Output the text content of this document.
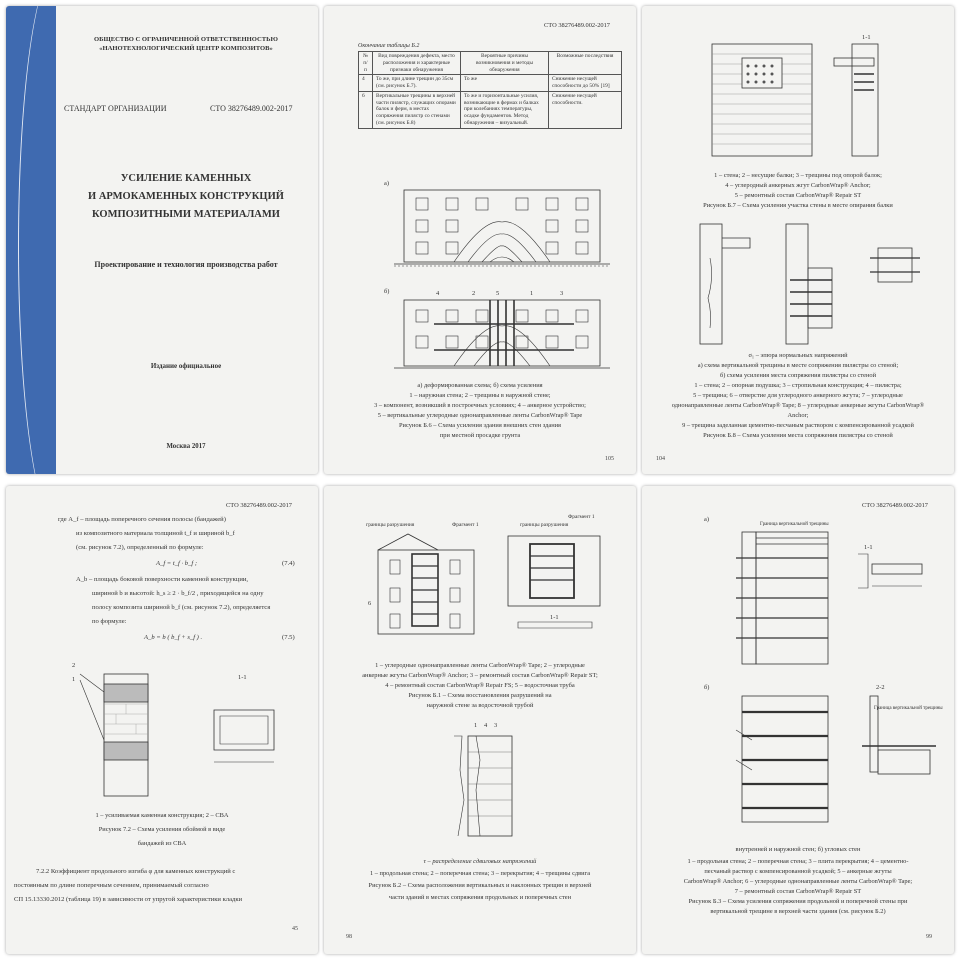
ОБЩЕСТВО С ОГРАНИЧЕННОЙ ОТВЕТСТВЕННОСТЬЮ
«НАНОТЕХНОЛОГИЧЕСКИЙ ЦЕНТР КОМПОЗИТОВ»
СТАНДАРТ ОРГАНИЗАЦИИ	СТО 38276489.002-2017
УСИЛЕНИЕ КАМЕННЫХ
И АРМОКАМЕННЫХ КОНСТРУКЦИЙ
КОМПОЗИТНЫМИ МАТЕРИАЛАМИ
Проектирование и технология производства работ
Издание официальное
Москва 2017
СТО 38276489.002-2017
Окончание таблицы Б.2
№ п/п	Вид повреждения дефекта, место расположения и характерные признаки обнаружения	Вероятные причины возникновения и методы обнаружения	Возможные последствия
4	То же, при длине трещин до 35см (см. рисунок Б.7).	То же	Снижение несущей способности до 50% [19]
6	Вертикальные трещины в верхней части пилястр, служащих опорами балок и ферм, в местах сопряжения пилястр со стенами (см. рисунок Б.8)	То же и горизонтальные усилия, возникающие в фермах и балках при колебаниях температуры, осадке фундаментов. Метод обнаружения – визуальный.	Снижение несущей способности.
а)
б)	4	2	5	1	3
а) деформированная схема; б) схема усиления
1 – наружная стена; 2 – трещины в наружной стене;
3 – компонент, возникший в построечных условиях; 4 – анкерное устройство;
5 – вертикальные углеродные однонаправленные ленты CarbonWrap® Tape
Рисунок Б.6 – Схема усиления здания внешних стен здания
при местной просадке грунта
105
1-1
1 – стена; 2 – несущие балки; 3 – трещины под опорой балок;
4 – углеродный анкерных жгут CarbonWrap® Anchor;
5 – ремонтный состав CarbonWrap® Repair ST
Рисунок Б.7 – Схема усиления участка стены в месте опирания балки
σ₁ – эпюра нормальных напряжений
а) схема вертикальной трещины в месте сопряжения пилястры со стеной;
б) схема усиления места сопряжения пилястры со стеной
1 – стена; 2 – опорная подушка; 3 – стропильная конструкция; 4 – пилястра;
5 – трещина; 6 – отверстие для углеродного анкерного жгута; 7 – углеродные
однонаправленные ленты CarbonWrap® Tape; 8 – углеродные анкерные жгуты CarbonWrap®
Anchor;
9 – трещина заделанная цементно-песчаным раствором с компенсированной усадкой
Рисунок Б.8 – Схема усиления места сопряжения пилястры со стеной
104
СТО 38276489.002-2017
где A_f – площадь поперечного сечения полосы (бандажей)
из композитного материала толщиной t_f и шириной b_f
(см. рисунок 7.2), определенный по формуле:
A_f = t_f · b_f ;	(7.4)
A_b – площадь боковой поверхности каменной конструкции,
шириной b и высотой: h_s ≥ 2 · b_f/2 , приходящейся на одну
полосу композита шириной b_f (см. рисунок 7.2), определяется
по формуле:
A_b = b ( b_f + s_f ) .	(7.5)
2
1	1-1
1 – усиливаемая каменная конструкция; 2 – CBA
Рисунок 7.2 – Схема усиления обоймой в виде
бандажей из CBA
7.2.2 Коэффициент продольного изгиба φ для каменных конструкций с
постоянным по длине поперечным сечением, принимаемый согласно
СП 15.13330.2012 (таблица 19) в зависимости от упругой характеристики кладки
45
границы разрушения	Фрагмент 1	границы разрушения
Фрагмент 1
6
1-1
1 – углеродные однонаправленные ленты CarbonWrap® Tape; 2 – углеродные
анкерные жгуты CarbonWrap® Anchor; 3 – ремонтный состав CarbonWrap® Repair ST;
4 – ремонтный состав CarbonWrap® Repair FS; 5 – водосточная труба
Рисунок Б.1 – Схема восстановления разрушений на
наружной стене за водосточной трубой
1 4 3
τ – распределение сдвиговых напряжений
1 – продольная стена; 2 – поперечная стена; 3 – перекрытия; 4 – трещины сдвига
Рисунок Б.2 – Схема расположения вертикальных и наклонных трещин в верхней
части зданий в местах сопряжения продольных и поперечных стен
98
СТО 38276489.002-2017
а)
Граница вертикальной трещины
1-1
б)
Граница вертикальной трещины
2-2
внутренней и наружной стен; б) угловых стен
1 – продольная стена; 2 – поперечная стена; 3 – плита перекрытия; 4 – цементно-
песчаный раствор с компенсированной усадкой; 5 – анкерные жгуты
CarbonWrap® Anchor; 6 – углеродные однонаправленные ленты CarbonWrap® Tape;
7 – ремонтный состав CarbonWrap® Repair ST
Рисунок Б.3 – Схема усиления сопряжения продольной и поперечной стены при
вертикальной трещине в верхней части здания (см. рисунок Б.2)
99
